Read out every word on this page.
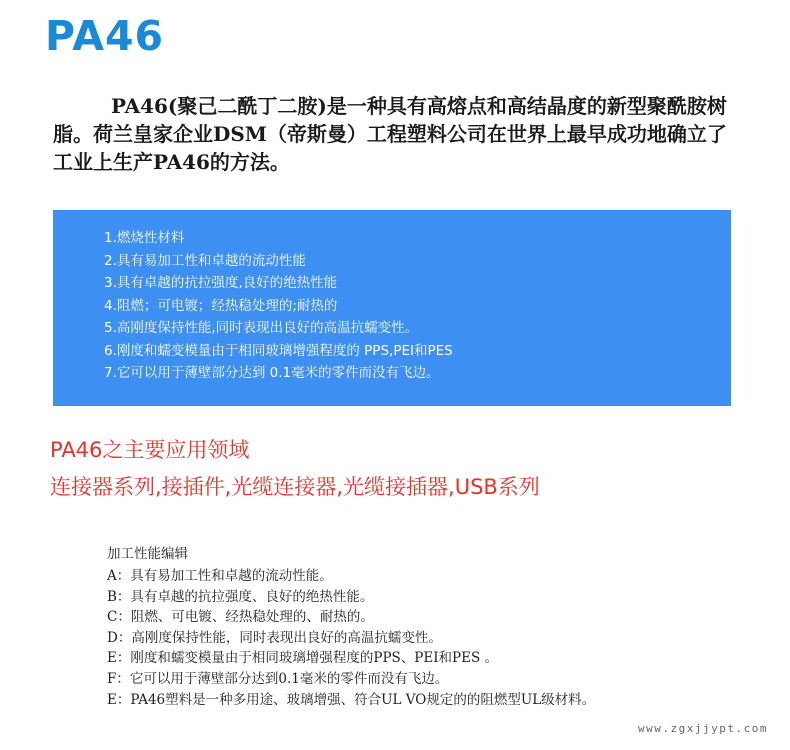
PA46
PA46(聚己二酰丁二胺)是一种具有高熔点和高结晶度的新型聚酰胺树脂。荷兰皇家企业DSM（帝斯曼）工程塑料公司在世界上最早成功地确立了工业上生产PA46的方法。
1.燃烧性材料
2.具有易加工性和卓越的流动性能
3.具有卓越的抗拉强度,良好的绝热性能
4.阻燃；可电镀；经热稳处理的;耐热的
5.高刚度保持性能,同时表现出良好的高温抗蠕变性。
6.刚度和蠕变模量由于相同玻璃增强程度的 PPS,PEI和PES
7.它可以用于薄壁部分达到 0.1毫米的零件而没有飞边。
PA46之主要应用领域
连接器系列,接插件,光缆连接器,光缆接插器,USB系列
加工性能编辑
A：具有易加工性和卓越的流动性能。
B：具有卓越的抗拉强度、良好的绝热性能。
C：阻燃、可电镀、经热稳处理的、耐热的。
D：高刚度保持性能，同时表现出良好的高温抗蠕变性。
E：刚度和蠕变模量由于相同玻璃增强程度的PPS、PEI和PES 。
F：它可以用于薄壁部分达到0.1毫米的零件而没有飞边。
E：PA46塑料是一种多用途、玻璃增强、符合UL VO规定的的阻燃型UL级材料。
www.zgxjjypt.com
